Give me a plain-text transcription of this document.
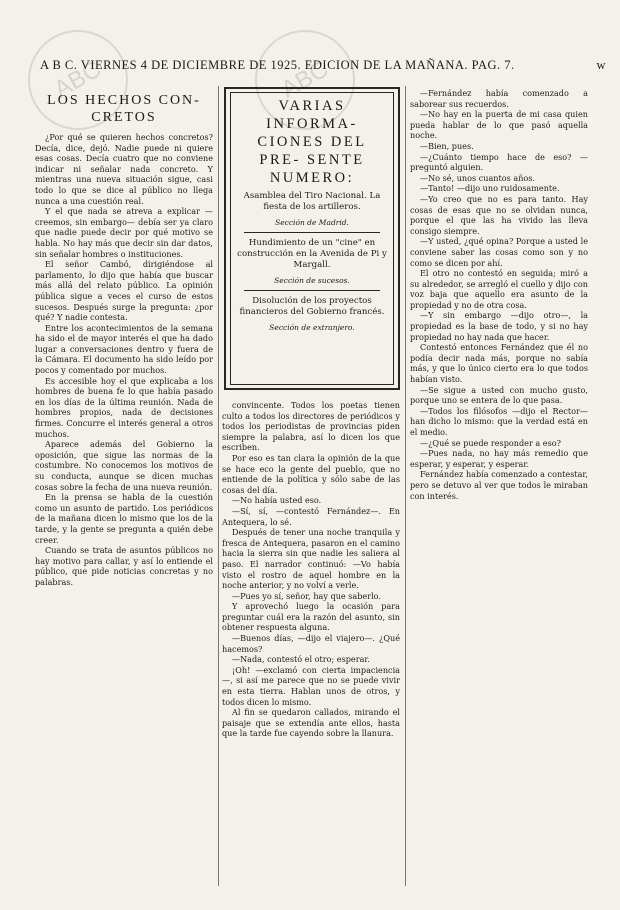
ABC	ABC
A B C. VIERNES 4 DE DICIEMBRE DE 1925. EDICION DE LA MAÑANA. PAG. 7.	w
LOS HECHOS CON- CRETOS

¿Por qué se quieren hechos concretos? Decía, dice, dejó. Nadie puede ni quiere esas cosas. Decía cuatro que no conviene indicar ni señalar nada concreto. Y mientras una nueva situación sigue, casi todo lo que se dice al público no llega nunca a una cuestión real.

Y el que nada se atreva a explicar —creemos, sin embargo— debía ser ya claro que nadie puede decir por qué motivo se habla. No hay más que decir sin dar datos, sin señalar hombres o instituciones.

El señor Cambó, dirigiéndose al parlamento, lo dijo que había que buscar más allá del relato público. La opinión pública sigue a veces el curso de estos sucesos. Después surge la pregunta: ¿por qué? Y nadie contesta.

Entre los acontecimientos de la semana ha sido el de mayor interés el que ha dado lugar a conversaciones dentro y fuera de la Cámara. El documento ha sido leído por pocos y comentado por muchos.

Es accesible hoy el que explicaba a los hombres de buena fe lo que había pasado en los días de la última reunión. Nada de hombres propios, nada de decisiones firmes. Concurre el interés general a otros muchos.

Aparece además del Gobierno la oposición, que sigue las normas de la costumbre. No conocemos los motivos de su conducta, aunque se dicen muchas cosas sobre la fecha de una nueva reunión.

En la prensa se habla de la cuestión como un asunto de partido. Los periódicos de la mañana dicen lo mismo que los de la tarde, y la gente se pregunta a quién debe creer.

Cuando se trata de asuntos públicos no hay motivo para callar, y así lo entiende el público, que pide noticias concretas y no palabras.

VARIAS INFORMA- CIONES DEL PRE- SENTE NUMERO:
Asamblea del Tiro Nacional. La fiesta de los artilleros.
Sección de Madrid.
Hundimiento de un "cine" en construcción en la Avenida de Pi y Margall.
Sección de sucesos.
Disolución de los proyectos financieros del Gobierno francés.
Sección de extranjero.

convincente. Todos los poetas tienen culto a todos los directores de periódicos y todos los periodistas de provincias piden siempre la palabra, así lo dicen los que escriben.

Por eso es tan clara la opinión de la que se hace eco la gente del pueblo, que no entiende de la política y sólo sabe de las cosas del día.

—No había usted eso.

—Sí, sí, —contestó Fernández—. En Antequera, lo sé.

Después de tener una noche tranquila y fresca de Antequera, pasaron en el camino hacia la sierra sin que nadie les saliera al paso. El narrador continuó: —Vo había visto el rostro de aquel hombre en la noche anterior, y no volví a verle.

—Pues yo sí, señor, hay que saberlo.

Y aprovechó luego la ocasión para preguntar cuál era la razón del asunto, sin obtener respuesta alguna.

—Buenos días, —dijo el viajero—. ¿Qué hacemos?

—Nada, contestó el otro; esperar.

¡Oh! —exclamó con cierta impaciencia—, si así me parece que no se puede vivir en esta tierra. Hablan unos de otros, y todos dicen lo mismo.

Al fin se quedaron callados, mirando el paisaje que se extendía ante ellos, hasta que la tarde fue cayendo sobre la llanura.

—Fernández había comenzado a saborear sus recuerdos.

—No hay en la puerta de mi casa quien pueda hablar de lo que pasó aquella noche.

—Bien, pues.

—¿Cuánto tiempo hace de eso? —preguntó alguien.

—No sé, unos cuantos años.

—Tanto! —dijo uno ruidosamente.

—Yo creo que no es para tanto. Hay cosas de esas que no se olvidan nunca, porque el que las ha vivido las lleva consigo siempre.

—Y usted, ¿qué opina? Porque a usted le conviene saber las cosas como son y no como se dicen por ahí.

El otro no contestó en seguida; miró a su alrededor, se arregló el cuello y dijo con voz baja que aquello era asunto de la propiedad y no de otra cosa.

—Y sin embargo —dijo otro—, la propiedad es la base de todo, y si no hay propiedad no hay nada que hacer.

Contestó entonces Fernández que él no podía decir nada más, porque no sabía más, y que lo único cierto era lo que todos habían visto.

—Se sigue a usted con mucho gusto, porque uno se entera de lo que pasa.

—Todos los filósofos —dijo el Rector— han dicho lo mismo: que la verdad está en el medio.

—¿Qué se puede responder a eso?

—Pues nada, no hay más remedio que esperar, y esperar, y esperar.

Fernández había comenzado a contestar, pero se detuvo al ver que todos le miraban con interés.
